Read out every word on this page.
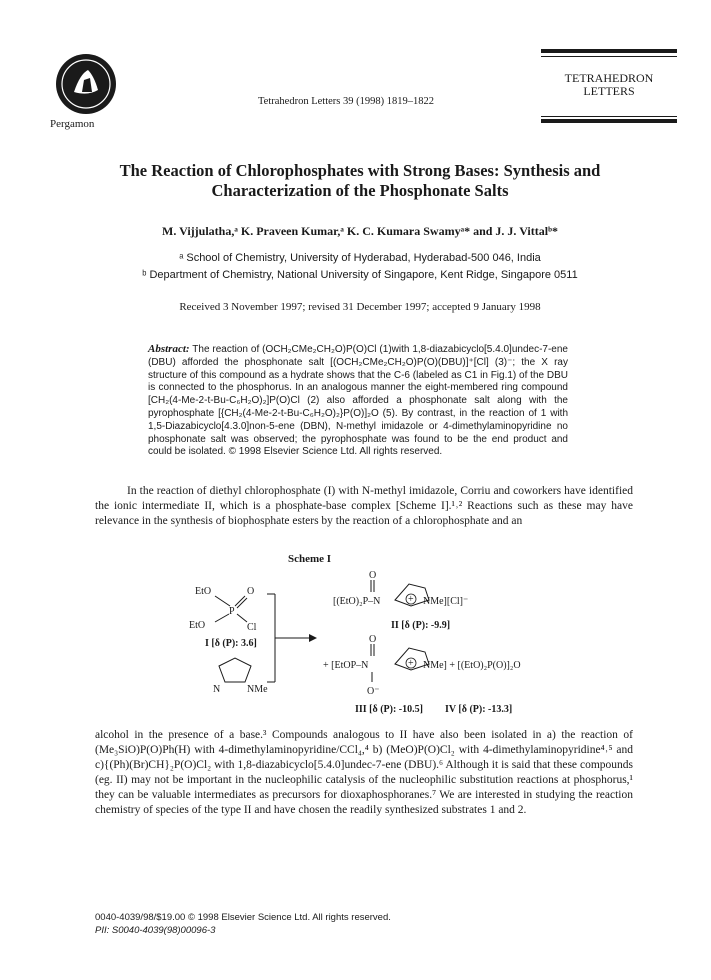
Pergamon
Tetrahedron Letters 39 (1998) 1819–1822
TETRAHEDRON
LETTERS
The Reaction of Chlorophosphates with Strong Bases: Synthesis and
Characterization of the Phosphonate Salts
M. Vijjulatha,ᵃ K. Praveen Kumar,ᵃ K. C. Kumara Swamyᵃ* and J. J. Vittalᵇ*
ᵃ School of Chemistry, University of Hyderabad, Hyderabad-500 046, India
ᵇ Department of Chemistry, National University of Singapore, Kent Ridge, Singapore 0511
Received 3 November 1997; revised 31 December 1997; accepted 9 January 1998
Abstract: The reaction of (OCH₂CMe₂CH₂O)P(O)Cl (1)with 1,8-diazabicyclo[5.4.0]undec-7-ene (DBU) afforded the phosphonate salt [(OCH₂CMe₂CH₂O)P(O)(DBU)]⁺[Cl] (3)⁻; the X ray structure of this compound as a hydrate shows that the C-6 (labeled as C1 in Fig.1) of the DBU is connected to the phosphorus. In an analogous manner the eight-membered ring compound [CH₂(4-Me-2-t-Bu-C₆H₂O)₂]P(O)Cl (2) also afforded a phosphonate salt along with the pyrophosphate [{CH₂(4-Me-2-t-Bu-C₆H₂O)₂}P(O)]₂O (5). By contrast, in the reaction of 1 with 1,5-Diazabicyclo[4.3.0]non-5-ene (DBN), N-methyl imidazole or 4-dimethylaminopyridine no phosphonate salt was observed; the pyrophosphate was found to be the end product and could be isolated. © 1998 Elsevier Science Ltd. All rights reserved.
In the reaction of diethyl chlorophosphate (I) with N-methyl imidazole, Corriu and coworkers have identified the ionic intermediate II, which is a phosphate-base complex [Scheme I].¹˒² Reactions such as these may have relevance in the synthesis of biophosphate esters by the reaction of a chlorophosphate and an
Scheme I
EtO	O
P
EtO	Cl
I [δ (P): 3.6]
N	NMe
O
[(EtO)₂P–N	+ NMe][Cl]⁻
II [δ (P): -9.9]
O
+ [EtOP–N	+ NMe] + [(EtO)₂P(O)]₂O
O⁻
III [δ (P): -10.5] IV [δ (P): -13.3]
alcohol in the presence of a base.³ Compounds analogous to II have also been isolated in a) the reaction of (Me₃SiO)P(O)Ph(H) with 4-dimethylaminopyridine/CCl₄,⁴ b) (MeO)P(O)Cl₂ with 4-dimethylaminopyridine⁴˒⁵ and c){(Ph)(Br)CH}₂P(O)Cl₂ with 1,8-diazabicyclo[5.4.0]undec-7-ene (DBU).⁶ Although it is said that these compounds (eg. II) may not be important in the nucleophilic catalysis of the nucleophilic substitution reactions at phosphorus,¹ they can be valuable intermediates as precursors for dioxaphosphoranes.⁷ We are interested in studying the reaction chemistry of species of the type II and have chosen the readily synthesized substrates 1 and 2.
0040-4039/98/$19.00 © 1998 Elsevier Science Ltd. All rights reserved.
PII: S0040-4039(98)00096-3
